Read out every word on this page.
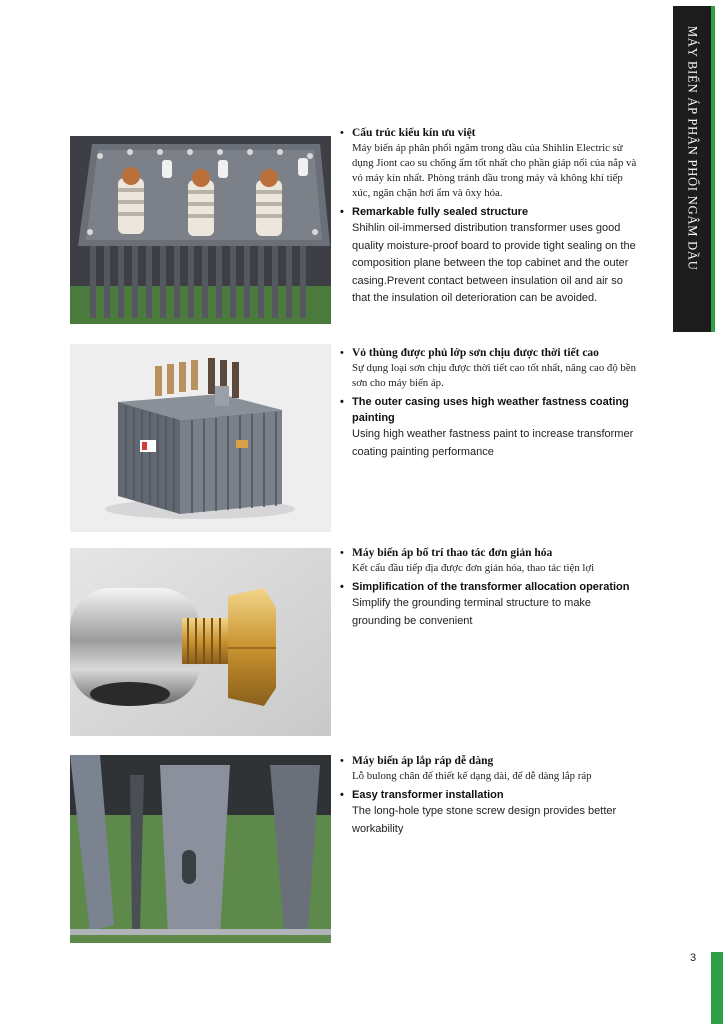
MÁY BIẾN ÁP PHÂN PHỐI NGÂM DẦU
• Cấu trúc kiểu kín ưu việt
Máy biến áp phân phối ngâm trong dầu của Shihlin Electric sử dụng Jiont cao su chống ẩm tốt nhất cho phần giáp nối của nắp và vỏ máy kín nhất. Phòng tránh dầu trong máy và không khí tiếp xúc, ngăn chặn hơi ẩm và ôxy hóa.
• Remarkable fully sealed structure
Shihlin oil-immersed distribution transformer uses good quality moisture-proof board to provide tight sealing on the composition plane between the top cabinet and the outer casing.Prevent contact between insulation oil and air so that the insulation oil deterioration can be avoided.
• Vỏ thùng được phủ lớp sơn chịu được thời tiết cao
Sự dụng loại sơn chịu được thời tiết cao tốt nhất, nâng cao độ bền sơn cho máy biến áp.
• The outer casing uses high weather fastness coating painting
Using high weather fastness paint to increase transformer coating painting performance
• Máy biến áp bố trí thao tác đơn giản hóa
Kết cấu đầu tiếp địa được đơn giản hóa, thao tác tiện lợi
• Simplification of the transformer allocation operation
Simplify the grounding terminal structure to make grounding be convenient
• Máy biến áp lắp ráp dễ dàng
Lỗ bulong chân đế thiết kế dạng dài, để dễ dàng lắp ráp
• Easy transformer installation
The long-hole type stone screw design provides better workability
3
